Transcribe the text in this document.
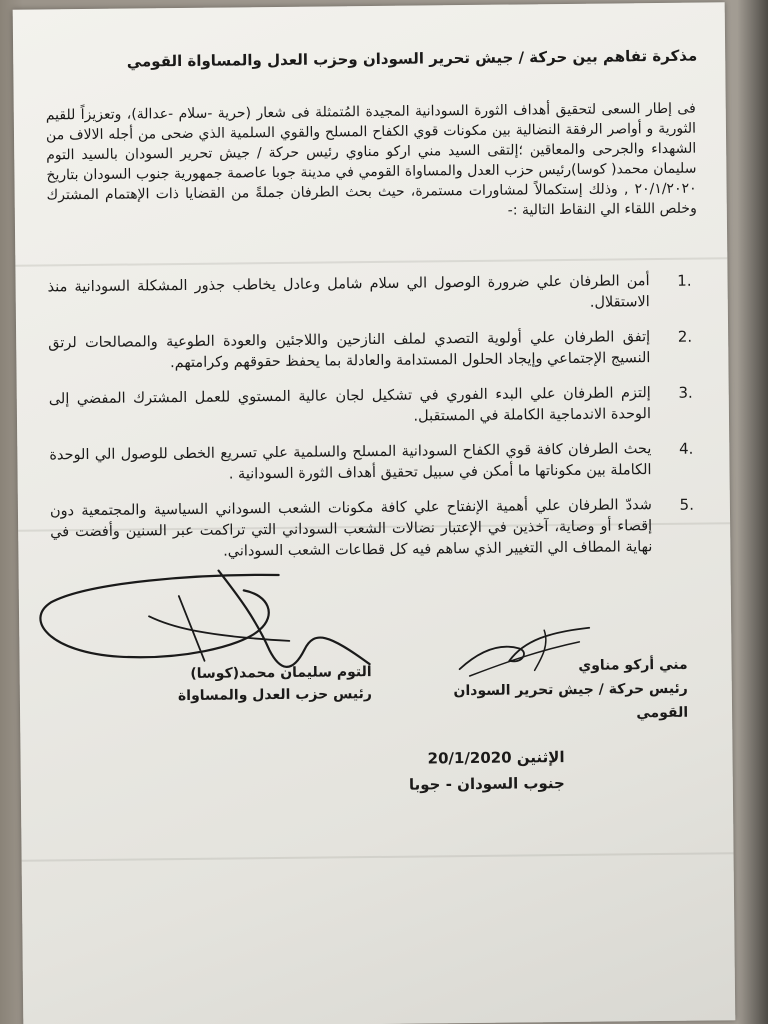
مذكرة تفاهم بين حركة / جيش تحرير السودان وحزب العدل والمساواة القومي
فى إطار السعى لتحقيق أهداف الثورة السودانية المجيدة المُتمثلة فى شعار (حرية -سلام -عدالة)، وتعزيزاً للقيم الثورية و أواصر الرفقة النضالية بين مكونات قوي الكفاح المسلح والقوي السلمية الذي ضحى من أجله الالاف من الشهداء والجرحى والمعاقين ؛إلتقى السيد مني اركو مناوي رئيس حركة / جيش تحرير السودان بالسيد التوم سليمان محمد( كوسا)رئيس حزب العدل والمساواة القومي في مدينة جوبا عاصمة جمهورية جنوب السودان بتاريخ ٢٠/١/٢٠٢٠ , وذلك إستكمالاً لمشاورات مستمرة، حيث بحث الطرفان جملةً من القضايا ذات الإهتمام المشترك وخلص اللقاء الي النقاط التالية :-
1.
أمن الطرفان علي ضرورة الوصول الي سلام شامل وعادل يخاطب جذور المشكلة السودانية منذ الاستقلال.
2.
إتفق الطرفان علي أولوية التصدي لملف النازحين واللاجئين والعودة الطوعية والمصالحات لرتق النسيج الإجتماعي وإيجاد الحلول المستدامة والعادلة بما يحفظ حقوقهم وكرامتهم.
3.
إلتزم الطرفان علي البدء الفوري في تشكيل لجان عالية المستوي للعمل المشترك المفضي إلى الوحدة الاندماجية الكاملة في المستقبل.
4.
يحث الطرفان كافة قوي الكفاح السودانية المسلح والسلمية علي تسريع الخطى للوصول الي الوحدة الكاملة بين مكوناتها ما أمكن في سبيل تحقيق أهداف الثورة السودانية .
5.
شددّ الطرفان علي أهمية الإنفتاح علي كافة مكونات الشعب السوداني السياسية والمجتمعية دون إقصاء أو وصاية، آخذين في الإعتبار نضالات الشعب السوداني التي تراكمت عبر السنين وأفضت في نهاية المطاف الي التغيير الذي ساهم فيه كل قطاعات الشعب السوداني.
التوم سليمان محمد(كوسا)
رئيس حزب العدل والمساواة
مني أركو مناوي
رئيس حركة / جيش تحرير السودان
القومي
الإثنين 20/1/2020
جنوب السودان - جوبا
